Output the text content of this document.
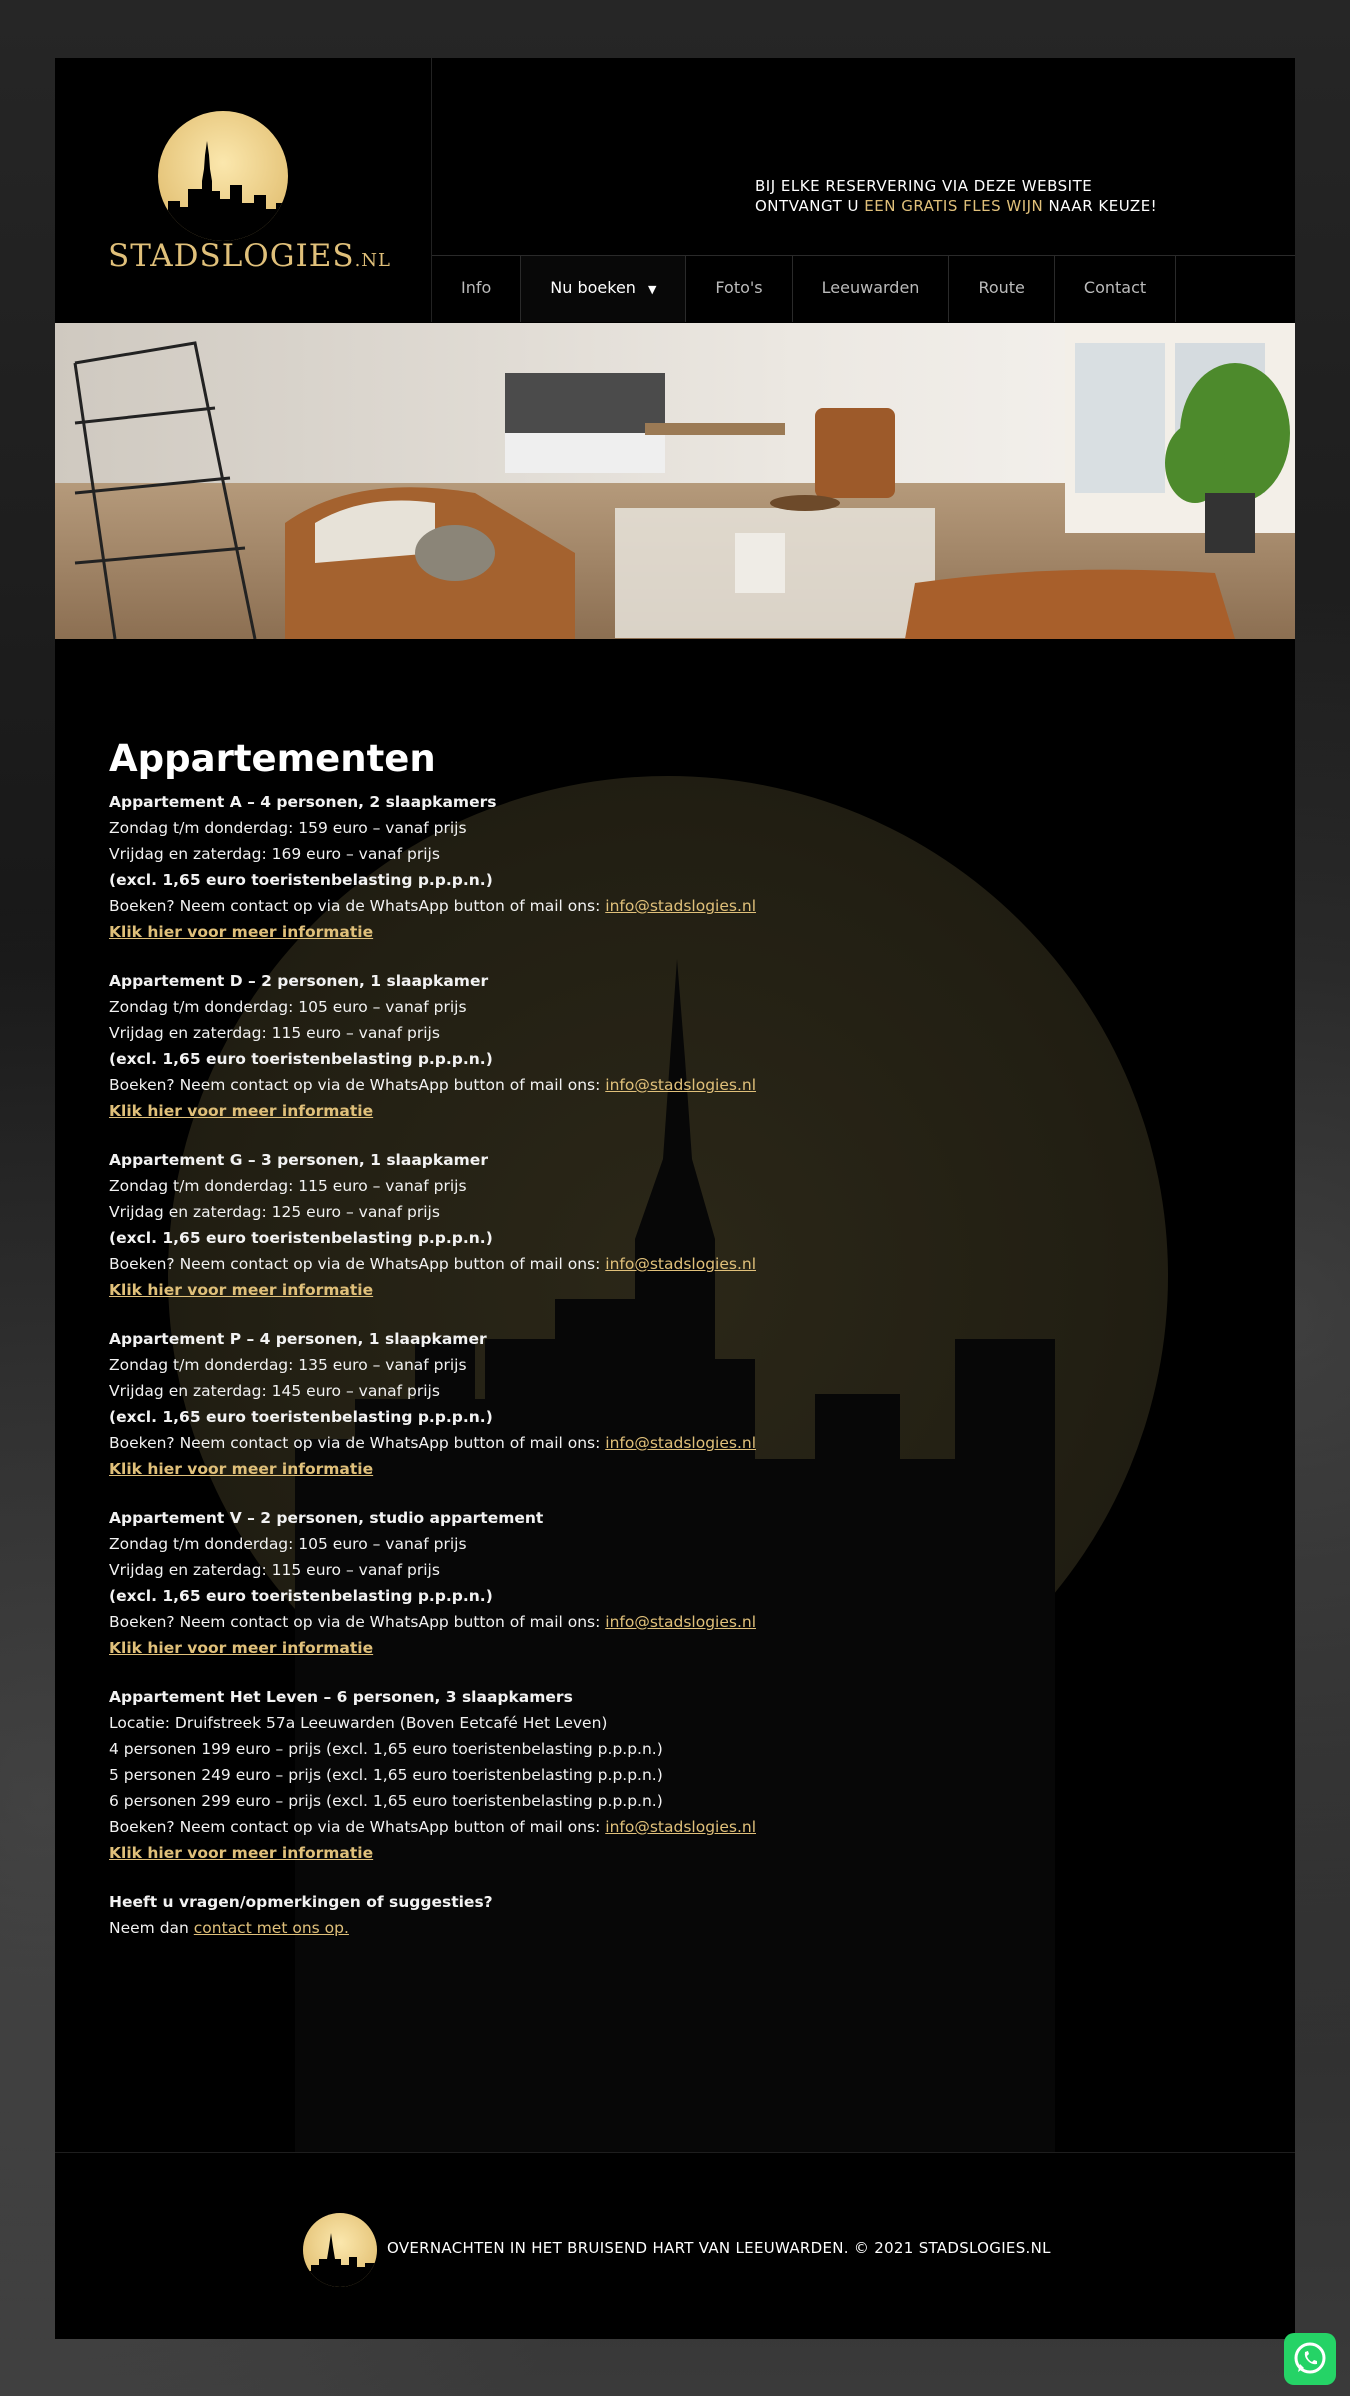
STADSLOGIES.NL
BIJ ELKE RESERVERING VIA DEZE WEBSITE
ONTVANGT U EEN GRATIS FLES WIJN NAAR KEUZE!
Info	Nu boeken ▼	Foto's	Leeuwarden	Route	Contact
Appartementen

Appartement A – 4 personen, 2 slaapkamers

Zondag t/m donderdag: 159 euro – vanaf prijs

Vrijdag en zaterdag: 169 euro – vanaf prijs

(excl. 1,65 euro toeristenbelasting p.p.p.n.)

Boeken? Neem contact op via de WhatsApp button of mail ons: info@stadslogies.nl

Klik hier voor meer informatie

Appartement D – 2 personen, 1 slaapkamer

Zondag t/m donderdag: 105 euro – vanaf prijs

Vrijdag en zaterdag: 115 euro – vanaf prijs

(excl. 1,65 euro toeristenbelasting p.p.p.n.)

Boeken? Neem contact op via de WhatsApp button of mail ons: info@stadslogies.nl

Klik hier voor meer informatie

Appartement G – 3 personen, 1 slaapkamer

Zondag t/m donderdag: 115 euro – vanaf prijs

Vrijdag en zaterdag: 125 euro – vanaf prijs

(excl. 1,65 euro toeristenbelasting p.p.p.n.)

Boeken? Neem contact op via de WhatsApp button of mail ons: info@stadslogies.nl

Klik hier voor meer informatie

Appartement P – 4 personen, 1 slaapkamer

Zondag t/m donderdag: 135 euro – vanaf prijs

Vrijdag en zaterdag: 145 euro – vanaf prijs

(excl. 1,65 euro toeristenbelasting p.p.p.n.)

Boeken? Neem contact op via de WhatsApp button of mail ons: info@stadslogies.nl

Klik hier voor meer informatie

Appartement V – 2 personen, studio appartement

Zondag t/m donderdag: 105 euro – vanaf prijs

Vrijdag en zaterdag: 115 euro – vanaf prijs

(excl. 1,65 euro toeristenbelasting p.p.p.n.)

Boeken? Neem contact op via de WhatsApp button of mail ons: info@stadslogies.nl

Klik hier voor meer informatie

Appartement Het Leven – 6 personen, 3 slaapkamers

Locatie: Druifstreek 57a Leeuwarden (Boven Eetcafé Het Leven)

4 personen 199 euro – prijs (excl. 1,65 euro toeristenbelasting p.p.p.n.)

5 personen 249 euro – prijs (excl. 1,65 euro toeristenbelasting p.p.p.n.)

6 personen 299 euro – prijs (excl. 1,65 euro toeristenbelasting p.p.p.n.)

Boeken? Neem contact op via de WhatsApp button of mail ons: info@stadslogies.nl

Klik hier voor meer informatie

Heeft u vragen/opmerkingen of suggesties?

Neem dan contact met ons op.

OVERNACHTEN IN HET BRUISEND HART VAN LEEUWARDEN. © 2021 STADSLOGIES.NL
